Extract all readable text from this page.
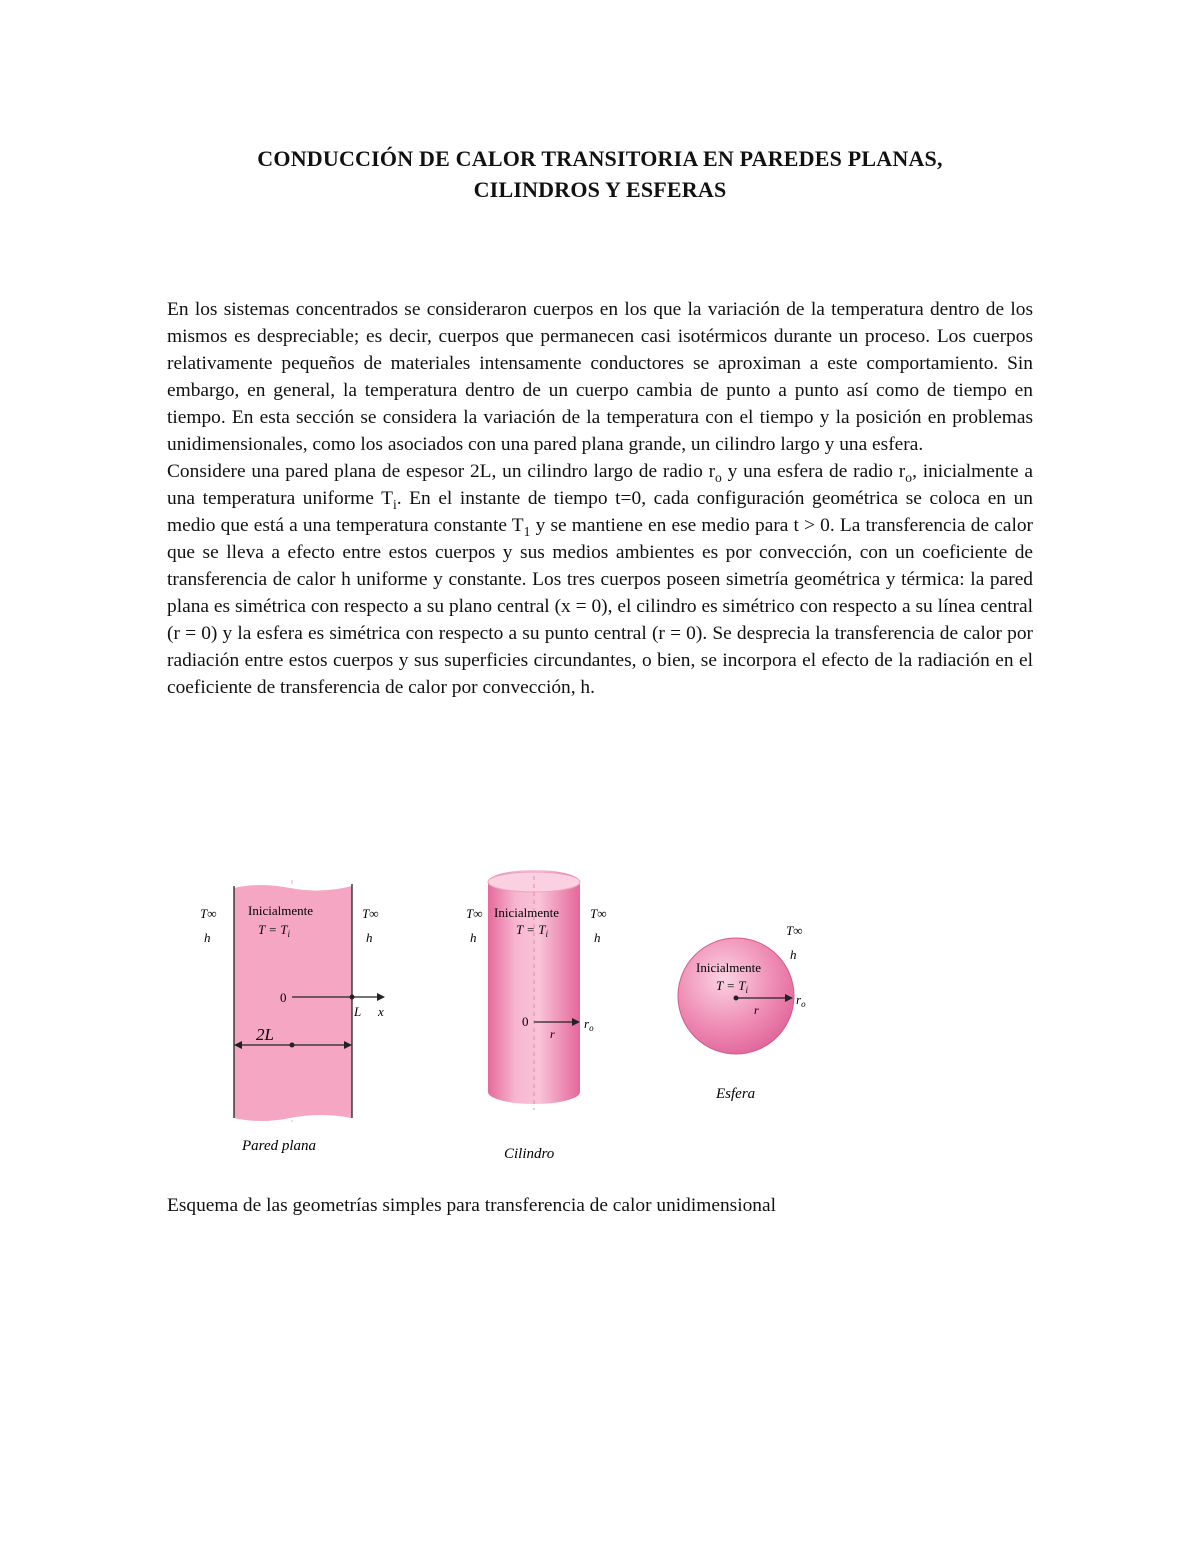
CONDUCCIÓN DE CALOR TRANSITORIA EN PAREDES PLANAS,
CILINDROS Y ESFERAS

En los sistemas concentrados se consideraron cuerpos en los que la variación de la temperatura dentro de los mismos es despreciable; es decir, cuerpos que permanecen casi isotérmicos durante un proceso. Los cuerpos relativamente pequeños de materiales intensamente conductores se aproximan a este comportamiento. Sin embargo, en general, la temperatura dentro de un cuerpo cambia de punto a punto así como de tiempo en tiempo. En esta sección se considera la variación de la temperatura con el tiempo y la posición en problemas unidimensionales, como los asociados con una pared plana grande, un cilindro largo y una esfera.

Considere una pared plana de espesor 2L, un cilindro largo de radio $r_o$ y una esfera de radio $r_o$, inicialmente a una temperatura uniforme $T_i$. En el instante de tiempo t=0, cada configuración geométrica se coloca en un medio que está a una temperatura constante $T_1$ y se mantiene en ese medio para t > 0. La transferencia de calor que se lleva a efecto entre estos cuerpos y sus medios ambientes es por convección, con un coeficiente de transferencia de calor h uniforme y constante. Los tres cuerpos poseen simetría geométrica y térmica: la pared plana es simétrica con respecto a su plano central (x = 0), el cilindro es simétrico con respecto a su línea central (r = 0) y la esfera es simétrica con respecto a su punto central (r = 0). Se desprecia la transferencia de calor por radiación entre estos cuerpos y sus superficies circundantes, o bien, se incorpora el efecto de la radiación en el coeficiente de transferencia de calor por convección, h.

Inicialmente
$T = T_i$
T∞
h
T∞
h
0
L x
2L
Pared plana
Inicialmente
$T = T_i$
T∞
h
T∞
h
0
r
$r_o$
Cilindro
Inicialmente
$T = T_i$
T∞
h
r
$r_o$
Esfera
Esquema de las geometrías simples para transferencia de calor unidimensional
